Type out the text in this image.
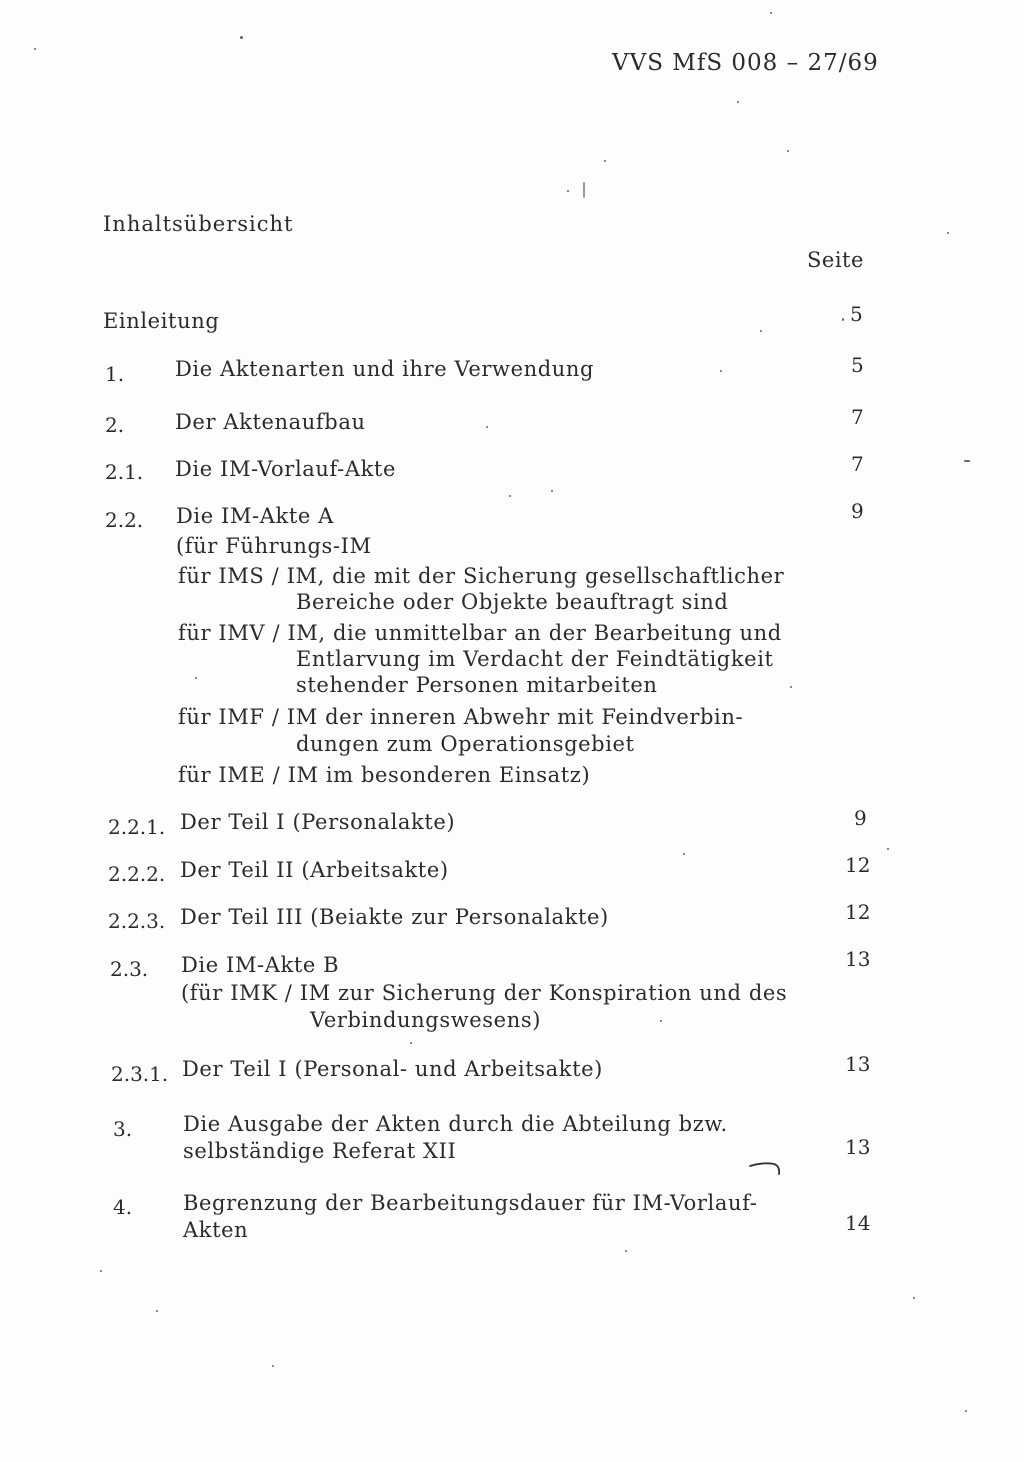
VVS MfS 008 – 27/69
Inhaltsübersicht
Seite
Einleitung	5
1. Die Aktenarten und ihre Verwendung	5
2. Der Aktenaufbau	7
2.1. Die IM-Vorlauf-Akte	7
2.2. Die IM-Akte A	9
(für Führungs-IM
für IMS / IM, die mit der Sicherung gesellschaftlicher
Bereiche oder Objekte beauftragt sind
für IMV / IM, die unmittelbar an der Bearbeitung und
Entlarvung im Verdacht der Feindtätigkeit
stehender Personen mitarbeiten
für IMF / IM der inneren Abwehr mit Feindverbin-
dungen zum Operationsgebiet
für IME / IM im besonderen Einsatz)
2.2.1. Der Teil I (Personalakte)	9
2.2.2. Der Teil II (Arbeitsakte)	12
2.2.3. Der Teil III (Beiakte zur Personalakte)	12
2.3. Die IM-Akte B	13
(für IMK / IM zur Sicherung der Konspiration und des
Verbindungswesens)
2.3.1. Der Teil I (Personal- und Arbeitsakte)	13
3. Die Ausgabe der Akten durch die Abteilung bzw.
selbständige Referat XII	13
4. Begrenzung der Bearbeitungsdauer für IM-Vorlauf-
Akten	14
